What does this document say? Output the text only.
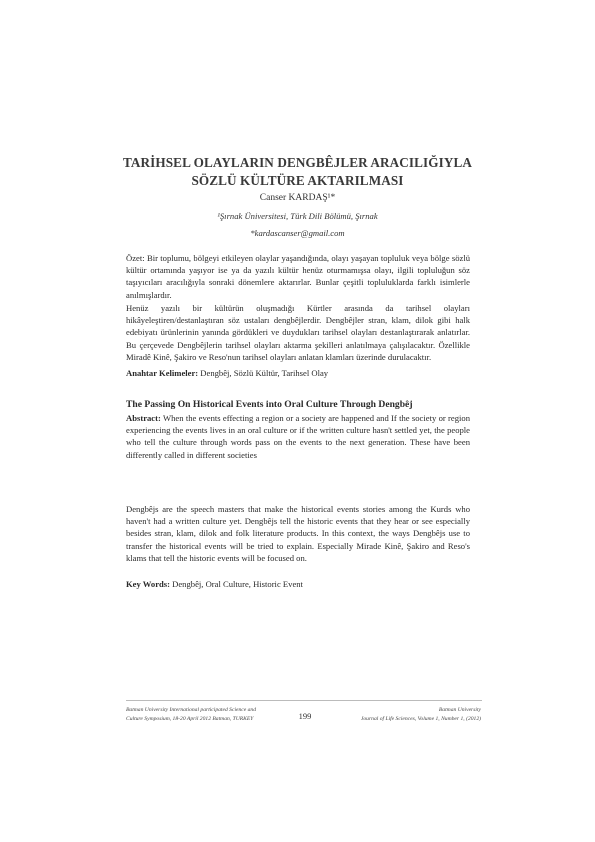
TARİHSEL OLAYLARIN DENGBÊJLER ARACILIĞIYLA
SÖZLÜ KÜLTÜRE AKTARILMASI
Canser KARDAŞ¹*
¹Şırnak Üniversitesi, Türk Dili Bölümü, Şırnak
*kardascanser@gmail.com
Özet: Bir toplumu, bölgeyi etkileyen olaylar yaşandığında, olayı yaşayan topluluk veya bölge sözlü kültür ortamında yaşıyor ise ya da yazılı kültür henüz oturmamışsa olayı, ilgili topluluğun söz taşıyıcıları aracılığıyla sonraki dönemlere aktarırlar. Bunlar çeşitli topluluklarda farklı isimlerle anılmışlardır.
Henüz yazılı bir kültürün oluşmadığı Kürtler arasında da tarihsel olayları hikâyeleştiren/destanlaştıran söz ustaları dengbêjlerdir. Dengbêjler stran, klam, dilok gibi halk edebiyatı ürünlerinin yanında gördükleri ve duydukları tarihsel olayları destanlaştırarak anlatırlar. Bu çerçevede Dengbêjlerin tarihsel olayları aktarma şekilleri anlatılmaya çalışılacaktır. Özellikle Miradê Kinê, Şakiro ve Reso'nun tarihsel olayları anlatan klamları üzerinde durulacaktır.
Anahtar Kelimeler: Dengbêj, Sözlü Kültür, Tarihsel Olay
The Passing On Historical Events into Oral Culture Through Dengbêj
Abstract: When the events effecting a region or a society are happened and If the society or region experiencing the events lives in an oral culture or if the written culture hasn't settled yet, the people who tell the culture through words pass on the events to the next generation. These have been differently called in different societies
Dengbêjs are the speech masters that make the historical events stories among the Kurds who haven't had a written culture yet. Dengbêjs tell the historic events that they hear or see especially besides stran, klam, dilok and folk literature products. In this context, the ways Dengbêjs use to transfer the historical events will be tried to explain. Especially Mirade Kinê, Şakiro and Reso's klams that tell the historic events will be focused on.
Key Words: Dengbêj, Oral Culture, Historic Event
Batman University International participated Science and
Culture Symposium, 18-20 April 2012 Batman, TURKEY	199
Batman University
Journal of Life Sciences, Volume 1, Number 1, (2012)
